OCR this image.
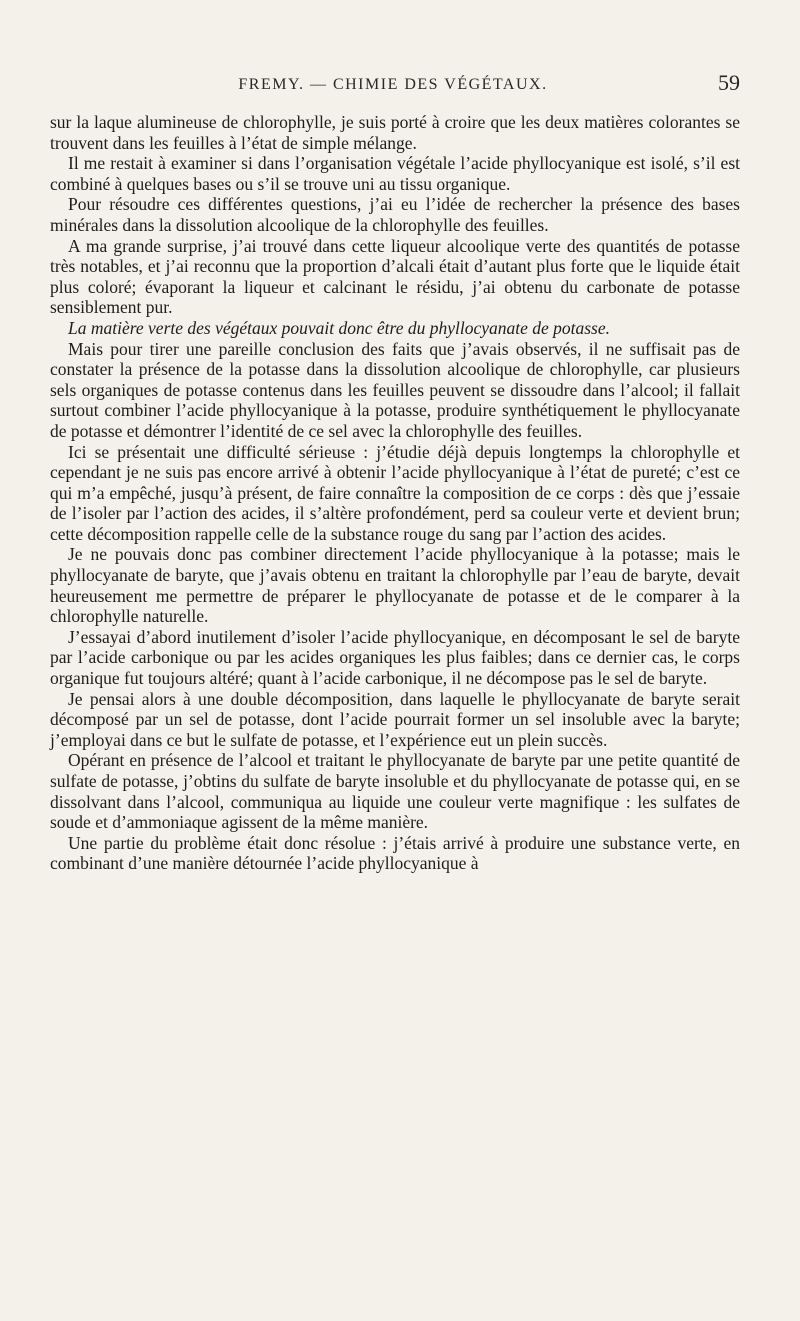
FREMY. — CHIMIE DES VÉGÉTAUX.	59

sur la laque alumineuse de chlorophylle, je suis porté à croire que les deux matières colorantes se trouvent dans les feuilles à l’état de simple mélange.

Il me restait à examiner si dans l’organisation végétale l’acide phyllocyanique est isolé, s’il est combiné à quelques bases ou s’il se trouve uni au tissu organique.

Pour résoudre ces différentes questions, j’ai eu l’idée de rechercher la présence des bases minérales dans la dissolution alcoolique de la chlorophylle des feuilles.

A ma grande surprise, j’ai trouvé dans cette liqueur alcoolique verte des quantités de potasse très notables, et j’ai reconnu que la proportion d’alcali était d’autant plus forte que le liquide était plus coloré; évaporant la liqueur et calcinant le résidu, j’ai obtenu du carbonate de potasse sensiblement pur.

La matière verte des végétaux pouvait donc être du phyllocyanate de potasse.

Mais pour tirer une pareille conclusion des faits que j’avais observés, il ne suffisait pas de constater la présence de la potasse dans la dissolution alcoolique de chlorophylle, car plusieurs sels organiques de potasse contenus dans les feuilles peuvent se dissoudre dans l’alcool; il fallait surtout combiner l’acide phyllocyanique à la potasse, produire synthétiquement le phyllocyanate de potasse et démontrer l’identité de ce sel avec la chlorophylle des feuilles.

Ici se présentait une difficulté sérieuse : j’étudie déjà depuis longtemps la chlorophylle et cependant je ne suis pas encore arrivé à obtenir l’acide phyllocyanique à l’état de pureté; c’est ce qui m’a empêché, jusqu’à présent, de faire connaître la composition de ce corps : dès que j’essaie de l’isoler par l’action des acides, il s’altère profondément, perd sa couleur verte et devient brun; cette décomposition rappelle celle de la substance rouge du sang par l’action des acides.

Je ne pouvais donc pas combiner directement l’acide phyllocyanique à la potasse; mais le phyllocyanate de baryte, que j’avais obtenu en traitant la chlorophylle par l’eau de baryte, devait heureusement me permettre de préparer le phyllocyanate de potasse et de le comparer à la chlorophylle naturelle.

J’essayai d’abord inutilement d’isoler l’acide phyllocyanique, en décomposant le sel de baryte par l’acide carbonique ou par les acides organiques les plus faibles; dans ce dernier cas, le corps organique fut toujours altéré; quant à l’acide carbonique, il ne décompose pas le sel de baryte.

Je pensai alors à une double décomposition, dans laquelle le phyllocyanate de baryte serait décomposé par un sel de potasse, dont l’acide pourrait former un sel insoluble avec la baryte; j’employai dans ce but le sulfate de potasse, et l’expérience eut un plein succès.

Opérant en présence de l’alcool et traitant le phyllocyanate de baryte par une petite quantité de sulfate de potasse, j’obtins du sulfate de baryte insoluble et du phyllocyanate de potasse qui, en se dissolvant dans l’alcool, communiqua au liquide une couleur verte magnifique : les sulfates de soude et d’ammoniaque agissent de la même manière.

Une partie du problème était donc résolue : j’étais arrivé à produire une substance verte, en combinant d’une manière détournée l’acide phyllocyanique à
